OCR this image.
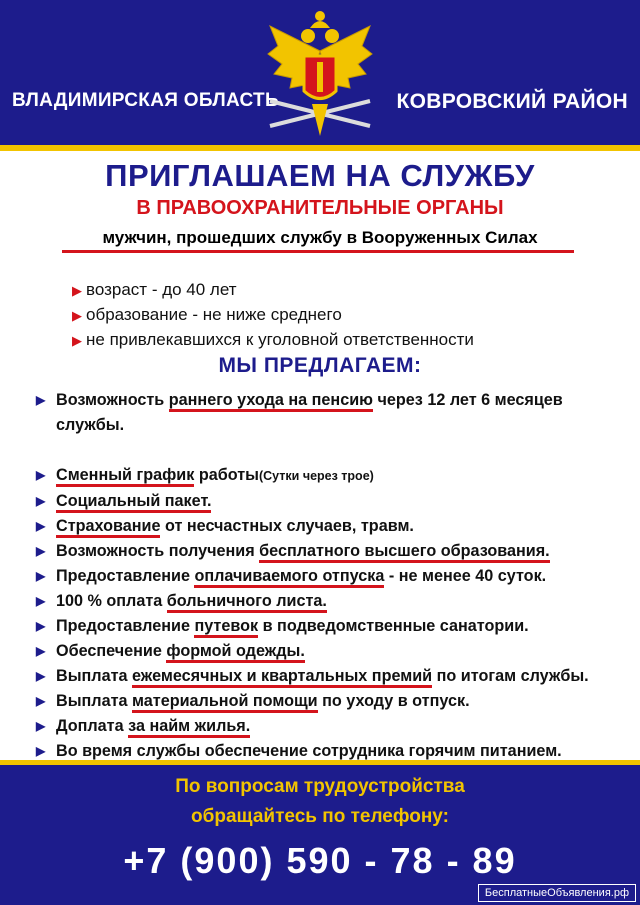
ВЛАДИМИРСКАЯ ОБЛАСТЬ	КОВРОВСКИЙ РАЙОН
ПРИГЛАШАЕМ НА СЛУЖБУ
В ПРАВООХРАНИТЕЛЬНЫЕ ОРГАНЫ
мужчин, прошедших службу в Вооруженных Силах
▶ возраст - до 40 лет
▶ образование - не ниже среднего
▶ не привлекавшихся к уголовной ответственности
МЫ ПРЕДЛАГАЕМ:
▶ Возможность раннего ухода на пенсию через 12 лет 6 месяцев службы.
▶ Сменный график работы(Сутки через трое)
▶ Социальный пакет.
▶ Страхование от несчастных случаев, травм.
▶ Возможность получения бесплатного высшего образования.
▶ Предоставление оплачиваемого отпуска - не менее 40 суток.
▶ 100 % оплата больничного листа.
▶ Предоставление путевок в подведомственные санатории.
▶ Обеспечение формой одежды.
▶ Выплата ежемесячных и квартальных премий по итогам службы.
▶ Выплата материальной помощи по уходу в отпуск.
▶ Доплата за найм жилья.
▶ Во время службы обеспечение сотрудника горячим питанием.
По вопросам трудоустройства
обращайтесь по телефону:
+7 (900) 590 - 78 - 89
БесплатныеОбъявления.рф
